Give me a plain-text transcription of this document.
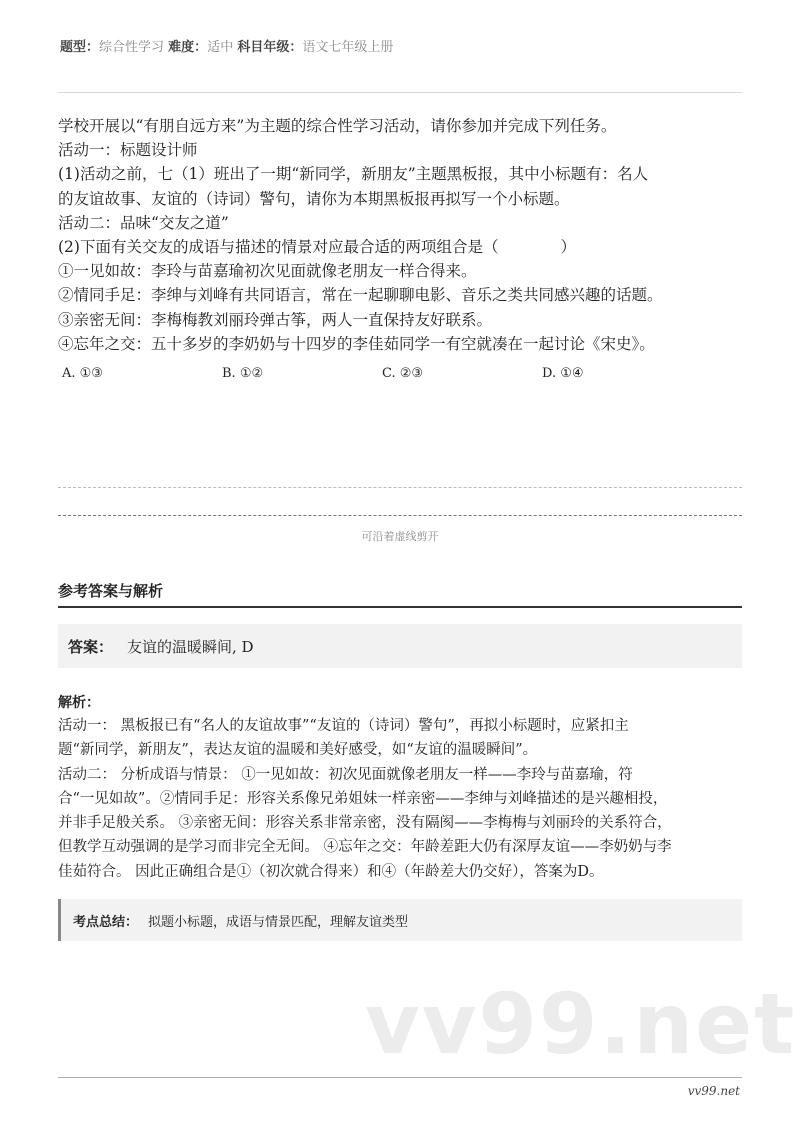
题型：综合性学习 难度：适中 科目年级：语文七年级上册
学校开展以“有朋自远方来”为主题的综合性学习活动，请你参加并完成下列任务。
活动一：标题设计师
(1)活动之前，七（1）班出了一期“新同学，新朋友”主题黑板报，其中小标题有：名人
的友谊故事、友谊的（诗词）警句，请你为本期黑板报再拟写一个小标题。
活动二：品味“交友之道”
(2)下面有关交友的成语与描述的情景对应最合适的两项组合是（　　　　）
①一见如故：李玲与苗嘉瑜初次见面就像老朋友一样合得来。
②情同手足：李绅与刘峰有共同语言，常在一起聊聊电影、音乐之类共同感兴趣的话题。
③亲密无间：李梅梅教刘丽玲弹古筝，两人一直保持友好联系。
④忘年之交：五十多岁的李奶奶与十四岁的李佳茹同学一有空就凑在一起讨论《宋史》。
A. ①③	B. ①②	C. ②③	D. ①④
可沿着虚线剪开
参考答案与解析
答案： 友谊的温暖瞬间, D
解析：
活动一： 黑板报已有“名人的友谊故事”“友谊的（诗词）警句”，再拟小标题时，应紧扣主
题“新同学，新朋友”，表达友谊的温暖和美好感受，如“友谊的温暖瞬间”。
活动二： 分析成语与情景： ①一见如故：初次见面就像老朋友一样——李玲与苗嘉瑜，符
合“一见如故”。②情同手足：形容关系像兄弟姐妹一样亲密——李绅与刘峰描述的是兴趣相投，
并非手足般关系。 ③亲密无间：形容关系非常亲密，没有隔阂——李梅梅与刘丽玲的关系符合，
但教学互动强调的是学习而非完全无间。 ④忘年之交：年龄差距大仍有深厚友谊——李奶奶与李
佳茹符合。 因此正确组合是①（初次就合得来）和④（年龄差大仍交好），答案为D。
考点总结： 拟题小标题，成语与情景匹配，理解友谊类型
vv99.net
vv99.net
